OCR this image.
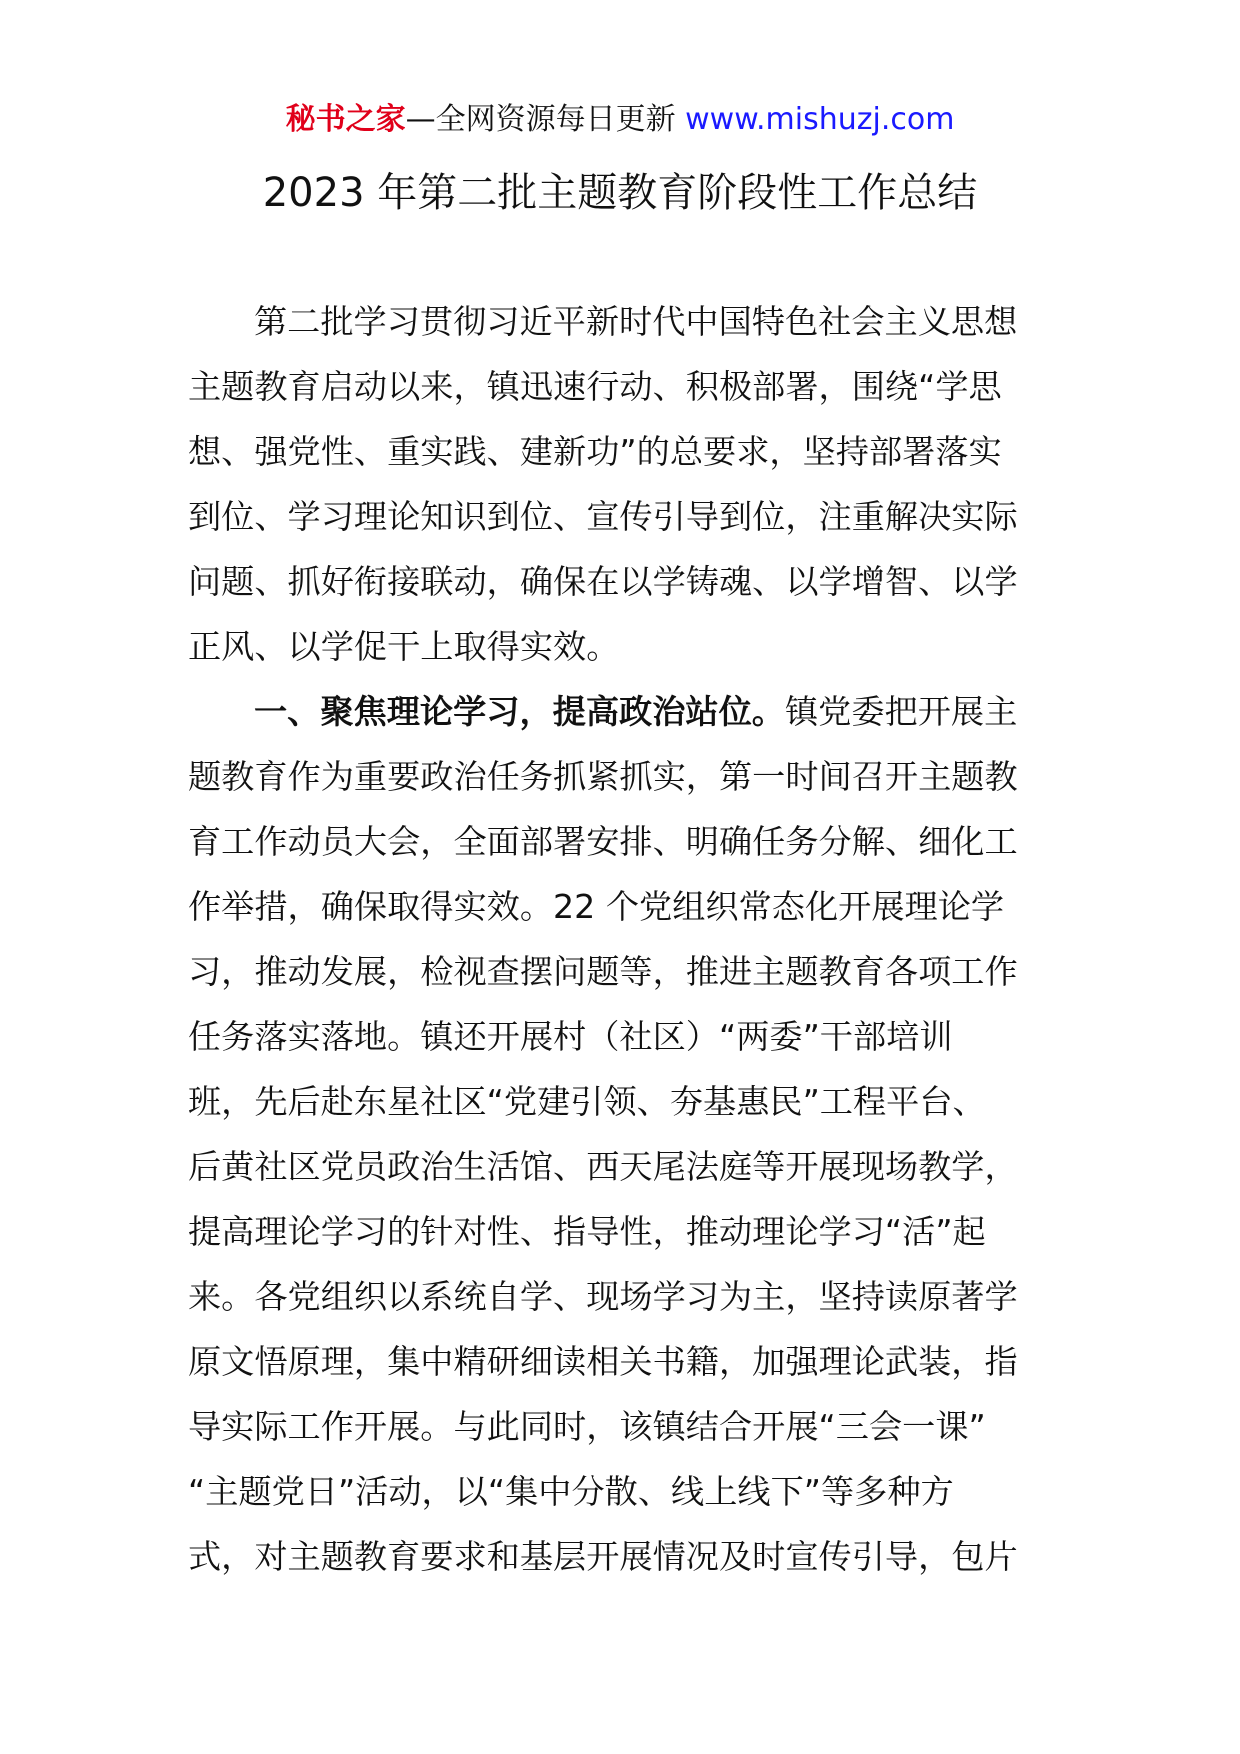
秘书之家—全网资源每日更新 www.mishuzj.com
2023 年第二批主题教育阶段性工作总结
第二批学习贯彻习近平新时代中国特色社会主义思想
主题教育启动以来，镇迅速行动、积极部署，围绕“学思
想、强党性、重实践、建新功”的总要求，坚持部署落实
到位、学习理论知识到位、宣传引导到位，注重解决实际
问题、抓好衔接联动，确保在以学铸魂、以学增智、以学
正风、以学促干上取得实效。
一、聚焦理论学习，提高政治站位。镇党委把开展主
题教育作为重要政治任务抓紧抓实，第一时间召开主题教
育工作动员大会，全面部署安排、明确任务分解、细化工
作举措，确保取得实效。22 个党组织常态化开展理论学
习，推动发展，检视查摆问题等，推进主题教育各项工作
任务落实落地。镇还开展村（社区）“两委”干部培训
班，先后赴东星社区“党建引领、夯基惠民”工程平台、
后黄社区党员政治生活馆、西天尾法庭等开展现场教学，
提高理论学习的针对性、指导性，推动理论学习“活”起
来。各党组织以系统自学、现场学习为主，坚持读原著学
原文悟原理，集中精研细读相关书籍，加强理论武装，指
导实际工作开展。与此同时，该镇结合开展“三会一课”
“主题党日”活动，以“集中分散、线上线下”等多种方
式，对主题教育要求和基层开展情况及时宣传引导，包片
